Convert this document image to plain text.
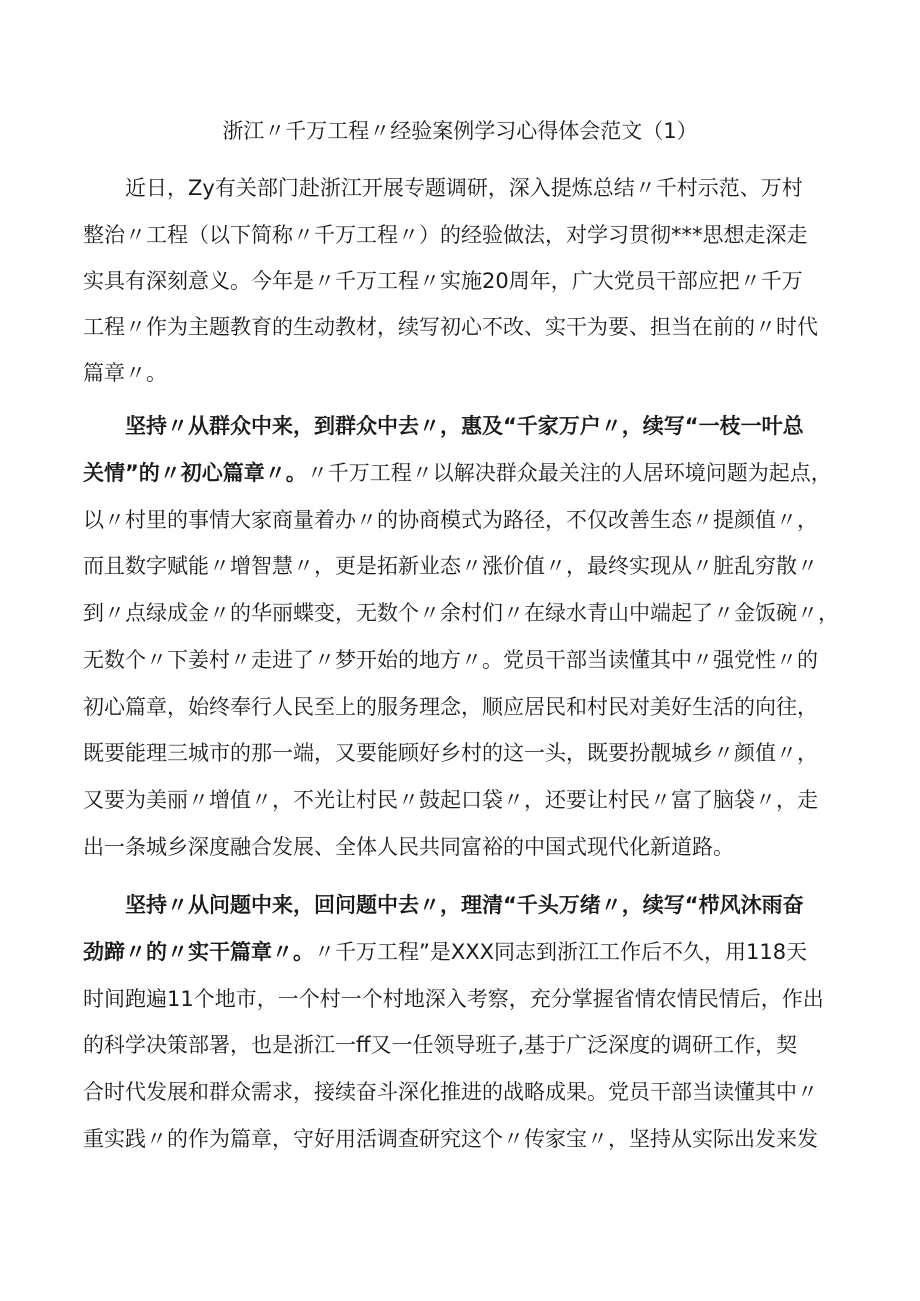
浙江〃千万工程〃经验案例学习心得体会范文（1）
近日，Zy有关部门赴浙江开展专题调研，深入提炼总结〃千村示范、万村
整治〃工程（以下简称〃千万工程〃）的经验做法，对学习贯彻***思想走深走
实具有深刻意义。今年是〃千万工程〃实施20周年，广大党员干部应把〃千万
工程〃作为主题教育的生动教材，续写初心不改、实干为要、担当在前的〃时代
篇章〃。
坚持〃从群众中来，到群众中去〃，惠及“千家万户〃，续写“一枝一叶总
关情”的〃初心篇章〃。〃千万工程〃以解决群众最关注的人居环境问题为起点，
以〃村里的事情大家商量着办〃的协商模式为路径，不仅改善生态〃提颜值〃，
而且数字赋能〃增智慧〃，更是拓新业态〃涨价值〃，最终实现从〃脏乱穷散〃
到〃点绿成金〃的华丽蝶变，无数个〃余村们〃在绿水青山中端起了〃金饭碗〃，
无数个〃下姜村〃走进了〃梦开始的地方〃。党员干部当读懂其中〃强党性〃的
初心篇章，始终奉行人民至上的服务理念，顺应居民和村民对美好生活的向往，
既要能理三城市的那一端，又要能顾好乡村的这一头，既要扮靓城乡〃颜值〃，
又要为美丽〃增值〃，不光让村民〃鼓起口袋〃，还要让村民〃富了脑袋〃，走
出一条城乡深度融合发展、全体人民共同富裕的中国式现代化新道路。
坚持〃从问题中来，回问题中去〃，理清“千头万绪〃，续写“栉风沐雨奋
劲蹄〃的〃实干篇章〃。〃千万工程”是XXX同志到浙江工作后不久，用118天
时间跑遍11个地市，一个村一个村地深入考察，充分掌握省情农情民情后，作出
的科学决策部署，也是浙江一ff又一任领导班子,基于广泛深度的调研工作，契
合时代发展和群众需求，接续奋斗深化推进的战略成果。党员干部当读懂其中〃
重实践〃的作为篇章，守好用活调查研究这个〃传家宝〃，坚持从实际出发来发
